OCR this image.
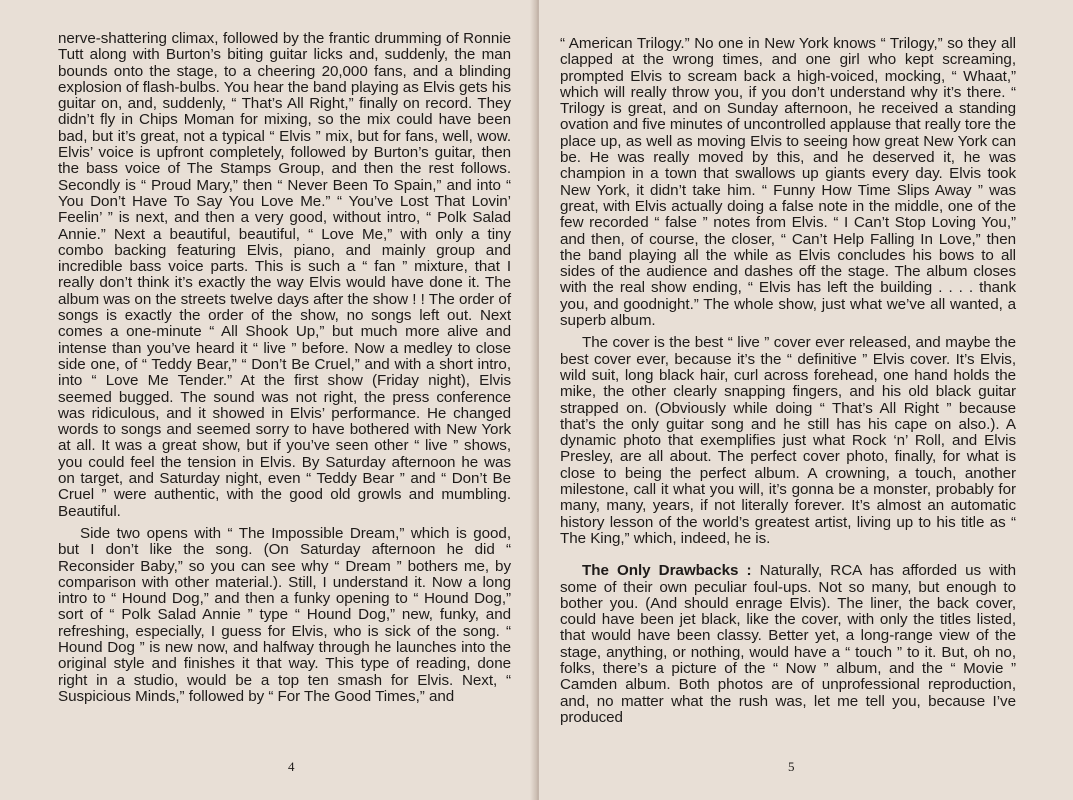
nerve-shattering climax, followed by the frantic drumming of Ronnie Tutt along with Burton’s biting guitar licks and, suddenly, the man bounds onto the stage, to a cheering 20,000 fans, and a blinding explosion of flash-bulbs. You hear the band playing as Elvis gets his guitar on, and, suddenly, “ That’s All Right,” finally on record. They didn’t fly in Chips Moman for mixing, so the mix could have been bad, but it’s great, not a typical “ Elvis ” mix, but for fans, well, wow. Elvis’ voice is upfront completely, followed by Burton’s guitar, then the bass voice of The Stamps Group, and then the rest follows. Secondly is “ Proud Mary,” then “ Never Been To Spain,” and into “ You Don’t Have To Say You Love Me.” “ You’ve Lost That Lovin’ Feelin’ ” is next, and then a very good, without intro, “ Polk Salad Annie.” Next a beautiful, beautiful, “ Love Me,” with only a tiny combo backing featuring Elvis, piano, and mainly group and incredible bass voice parts. This is such a “ fan ” mixture, that I really don’t think it’s exactly the way Elvis would have done it. The album was on the streets twelve days after the show ! ! The order of songs is exactly the order of the show, no songs left out. Next comes a one-minute “ All Shook Up,” but much more alive and intense than you’ve heard it “ live ” before. Now a medley to close side one, of “ Teddy Bear,” “ Don’t Be Cruel,” and with a short intro, into “ Love Me Tender.” At the first show (Friday night), Elvis seemed bugged. The sound was not right, the press conference was ridiculous, and it showed in Elvis’ performance. He changed words to songs and seemed sorry to have bothered with New York at all. It was a great show, but if you’ve seen other “ live ” shows, you could feel the tension in Elvis. By Saturday afternoon he was on target, and Saturday night, even “ Teddy Bear ” and “ Don’t Be Cruel ” were authentic, with the good old growls and mumbling. Beautiful.

Side two opens with “ The Impossible Dream,” which is good, but I don’t like the song. (On Saturday afternoon he did “ Reconsider Baby,” so you can see why “ Dream ” bothers me, by comparison with other material.). Still, I understand it. Now a long intro to “ Hound Dog,” and then a funky opening to “ Hound Dog,” sort of “ Polk Salad Annie ” type “ Hound Dog,” new, funky, and refreshing, especially, I guess for Elvis, who is sick of the song. “ Hound Dog ” is new now, and halfway through he launches into the original style and finishes it that way. This type of reading, done right in a studio, would be a top ten smash for Elvis. Next, “ Suspicious Minds,” followed by “ For The Good Times,” and

4

“ American Trilogy.” No one in New York knows “ Trilogy,” so they all clapped at the wrong times, and one girl who kept screaming, prompted Elvis to scream back a high-voiced, mocking, “ Whaat,” which will really throw you, if you don’t understand why it’s there. “ Trilogy is great, and on Sunday afternoon, he received a standing ovation and five minutes of uncontrolled applause that really tore the place up, as well as moving Elvis to seeing how great New York can be. He was really moved by this, and he deserved it, he was champion in a town that swallows up giants every day. Elvis took New York, it didn’t take him. “ Funny How Time Slips Away ” was great, with Elvis actually doing a false note in the middle, one of the few recorded “ false ” notes from Elvis. “ I Can’t Stop Loving You,” and then, of course, the closer, “ Can’t Help Falling In Love,” then the band playing all the while as Elvis concludes his bows to all sides of the audience and dashes off the stage. The album closes with the real show ending, “ Elvis has left the building . . . . thank you, and goodnight.” The whole show, just what we’ve all wanted, a superb album.

The cover is the best “ live ” cover ever released, and maybe the best cover ever, because it’s the “ definitive ” Elvis cover. It’s Elvis, wild suit, long black hair, curl across forehead, one hand holds the mike, the other clearly snapping fingers, and his old black guitar strapped on. (Obviously while doing “ That’s All Right ” because that’s the only guitar song and he still has his cape on also.). A dynamic photo that exemplifies just what Rock ‘n’ Roll, and Elvis Presley, are all about. The perfect cover photo, finally, for what is close to being the perfect album. A crowning, a touch, another milestone, call it what you will, it’s gonna be a monster, probably for many, many, years, if not literally forever. It’s almost an automatic history lesson of the world’s greatest artist, living up to his title as “ The King,” which, indeed, he is.

The Only Drawbacks : Naturally, RCA has afforded us with some of their own peculiar foul-ups. Not so many, but enough to bother you. (And should enrage Elvis). The liner, the back cover, could have been jet black, like the cover, with only the titles listed, that would have been classy. Better yet, a long-range view of the stage, anything, or nothing, would have a “ touch ” to it. But, oh no, folks, there’s a picture of the “ Now ” album, and the “ Movie ” Camden album. Both photos are of unprofessional reproduction, and, no matter what the rush was, let me tell you, because I’ve produced

5
